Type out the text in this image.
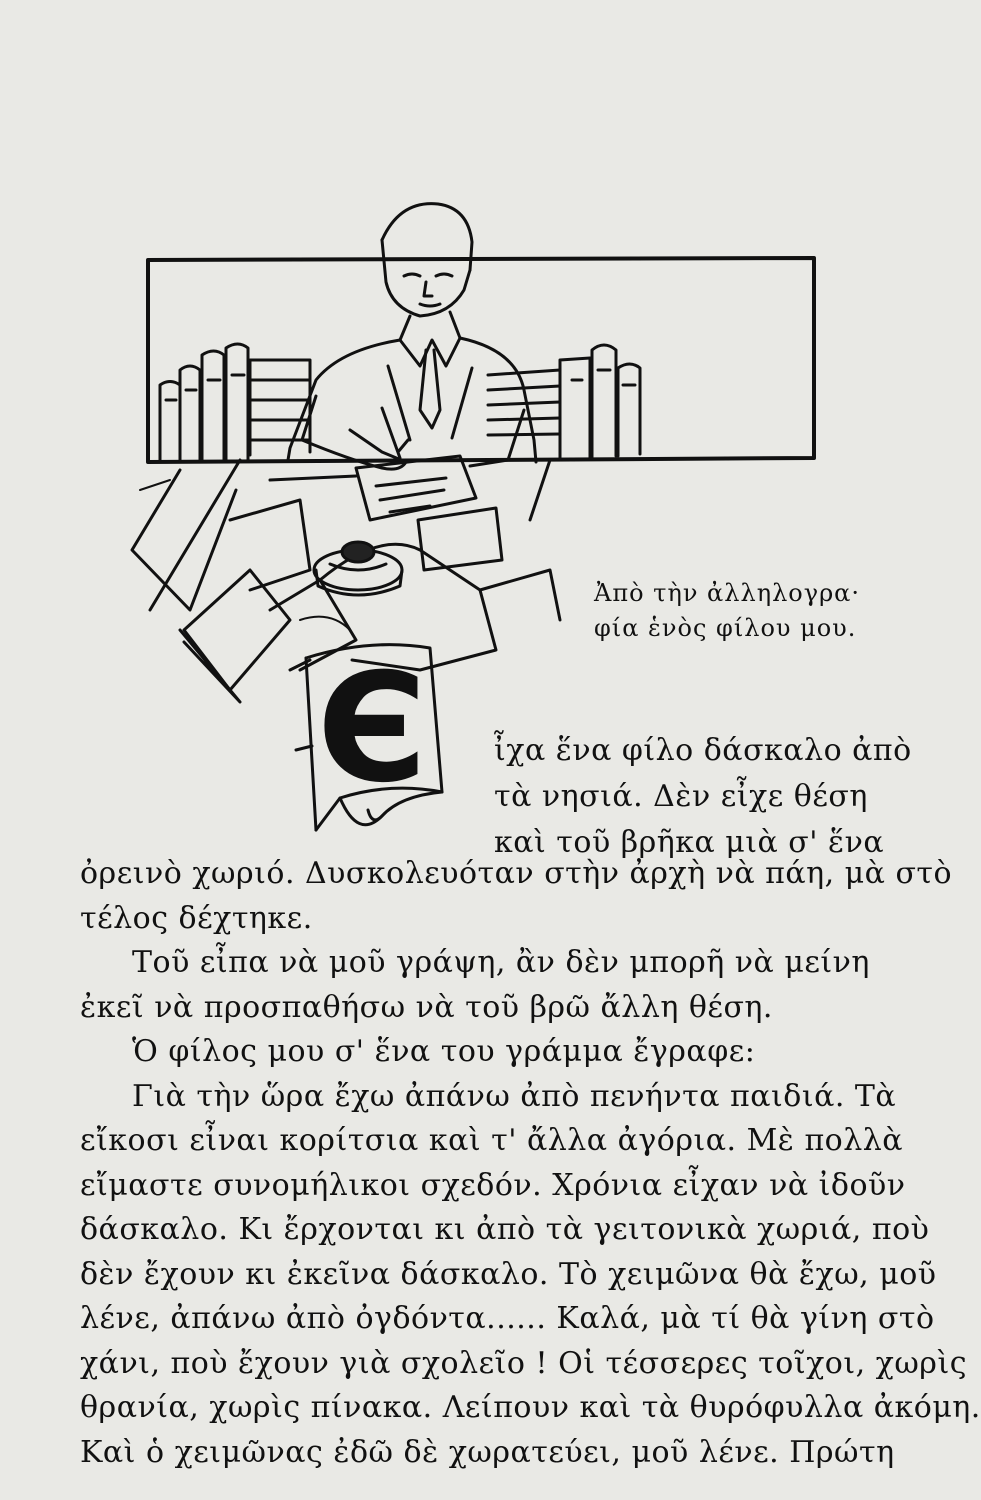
Є
Ἀπὸ τὴν ἀλληλογρα·
φία ἑνὸς φίλου μου.
ἶχα ἕνα φίλο δάσκαλο ἀπὸ
τὰ νησιά. Δὲν εἶχε θέση
καὶ τοῦ βρῆκα μιὰ σ' ἕνα
ὀρεινὸ χωριό. Δυσκολευόταν στὴν ἀρχὴ νὰ πάη, μὰ στὸ
τέλος δέχτηκε.
Τοῦ εἶπα νὰ μοῦ γράψη, ἂν δὲν μπορῆ νὰ μείνη
ἐκεῖ νὰ προσπαθήσω νὰ τοῦ βρῶ ἄλλη θέση.
Ὁ φίλος μου σ' ἕνα του γράμμα ἔγραφε:
Γιὰ τὴν ὥρα ἔχω ἀπάνω ἀπὸ πενήντα παιδιά. Τὰ
εἴκοσι εἶναι κορίτσια καὶ τ' ἄλλα ἀγόρια. Μὲ πολλὰ
εἴμαστε συνομήλικοι σχεδόν. Χρόνια εἶχαν νὰ ἰδοῦν
δάσκαλο. Κι ἔρχονται κι ἀπὸ τὰ γειτονικὰ χωριά, ποὺ
δὲν ἔχουν κι ἐκεῖνα δάσκαλο. Τὸ χειμῶνα θὰ ἔχω, μοῦ
λένε, ἀπάνω ἀπὸ ὀγδόντα...... Καλά, μὰ τί θὰ γίνη στὸ
χάνι, ποὺ ἔχουν γιὰ σχολεῖο ! Οἱ τέσσερες τοῖχοι, χωρὶς
θρανία, χωρὶς πίνακα. Λείπουν καὶ τὰ θυρόφυλλα ἀκόμη.
Καὶ ὁ χειμῶνας ἐδῶ δὲ χωρατεύει, μοῦ λένε. Πρώτη
